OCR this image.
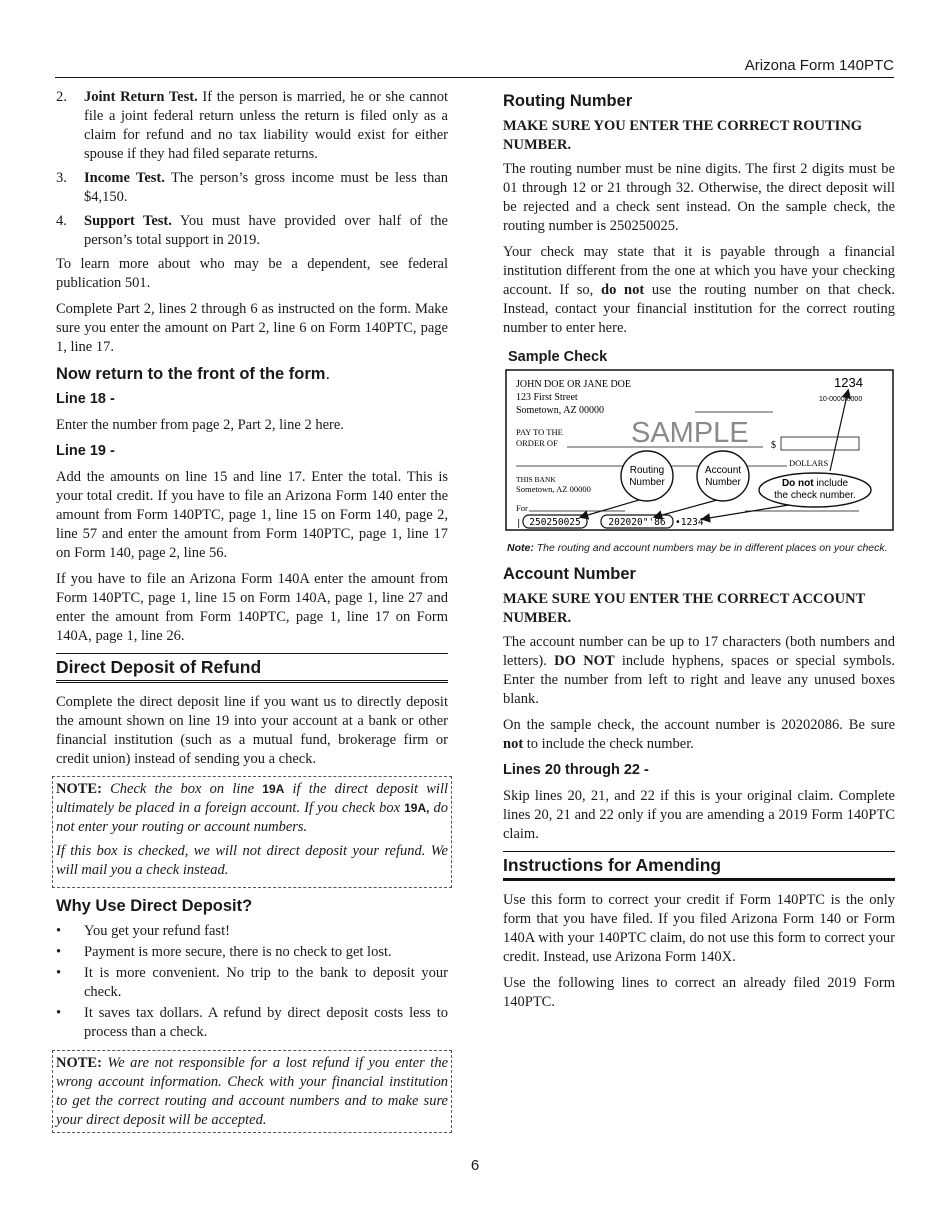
Arizona Form 140PTC
2.	Joint Return Test. If the person is married, he or she cannot file a joint federal return unless the return is filed only as a claim for refund and no tax liability would exist for either spouse if they had filed separate returns.
3.	Income Test. The person’s gross income must be less than $4,150.
4.	Support Test. You must have provided over half of the person’s total support in 2019.

To learn more about who may be a dependent, see federal publication 501.

Complete Part 2, lines 2 through 6 as instructed on the form. Make sure you enter the amount on Part 2, line 6 on Form 140PTC, page 1, line 17.

Now return to the front of the form.
Line 18 -

Enter the number from page 2, Part 2, line 2 here.

Line 19 -

Add the amounts on line 15 and line 17. Enter the total. This is your total credit. If you have to file an Arizona Form 140 enter the amount from Form 140PTC, page 1, line 15 on Form 140, page 2, line 57 and enter the amount from Form 140PTC, page 1, line 17 on Form 140, page 2, line 56.

If you have to file an Arizona Form 140A enter the amount from Form 140PTC, page 1, line 15 on Form 140A, page 1, line 27 and enter the amount from Form 140PTC, page 1, line 17 on Form 140A, page 1, line 26.

Direct Deposit of Refund

Complete the direct deposit line if you want us to directly deposit the amount shown on line 19 into your account at a bank or other financial institution (such as a mutual fund, brokerage firm or credit union) instead of sending you a check.

NOTE: Check the box on line 19A if the direct deposit will ultimately be placed in a foreign account. If you check box 19A, do not enter your routing or account numbers.

If this box is checked, we will not direct deposit your refund. We will mail you a check instead.

Why Use Direct Deposit?
•	You get your refund fast!
•	Payment is more secure, there is no check to get lost.
•	It is more convenient. No trip to the bank to deposit your check.
•	It saves tax dollars. A refund by direct deposit costs less to process than a check.

NOTE: We are not responsible for a lost refund if you enter the wrong account information. Check with your financial institution to get the correct routing and account numbers and to make sure your direct deposit will be accepted.

Routing Number

MAKE SURE YOU ENTER THE CORRECT ROUTING NUMBER.

The routing number must be nine digits. The first 2 digits must be 01 through 12 or 21 through 32. Otherwise, the direct deposit will be rejected and a check sent instead. On the sample check, the routing number is 250250025.

Your check may state that it is payable through a financial institution different from the one at which you have your checking account. If so, do not use the routing number on that check. Instead, contact your financial institution for the correct routing number to enter here.

Sample Check
JOHN DOE OR JANE DOE
123 First Street
Sometown, AZ 00000
1234
10-0000/0000
PAY TO THE
ORDER OF	SAMPLE $
DOLLARS
THIS BANK
Sometown, AZ 00000
For
Routing
Number
Account
Number	Do not include
the check number.
| 250250025	202020"'86 •1234
Note: The routing and account numbers may be in different places on your check.
Account Number

MAKE SURE YOU ENTER THE CORRECT ACCOUNT NUMBER.

The account number can be up to 17 characters (both numbers and letters). DO NOT include hyphens, spaces or special symbols. Enter the number from left to right and leave any unused boxes blank.

On the sample check, the account number is 20202086. Be sure not to include the check number.

Lines 20 through 22 -

Skip lines 20, 21, and 22 if this is your original claim. Complete lines 20, 21 and 22 only if you are amending a 2019 Form 140PTC claim.

Instructions for Amending

Use this form to correct your credit if Form 140PTC is the only form that you have filed. If you filed Arizona Form 140 or Form 140A with your 140PTC claim, do not use this form to correct your credit. Instead, use Arizona Form 140X.

Use the following lines to correct an already filed 2019 Form 140PTC.

6
